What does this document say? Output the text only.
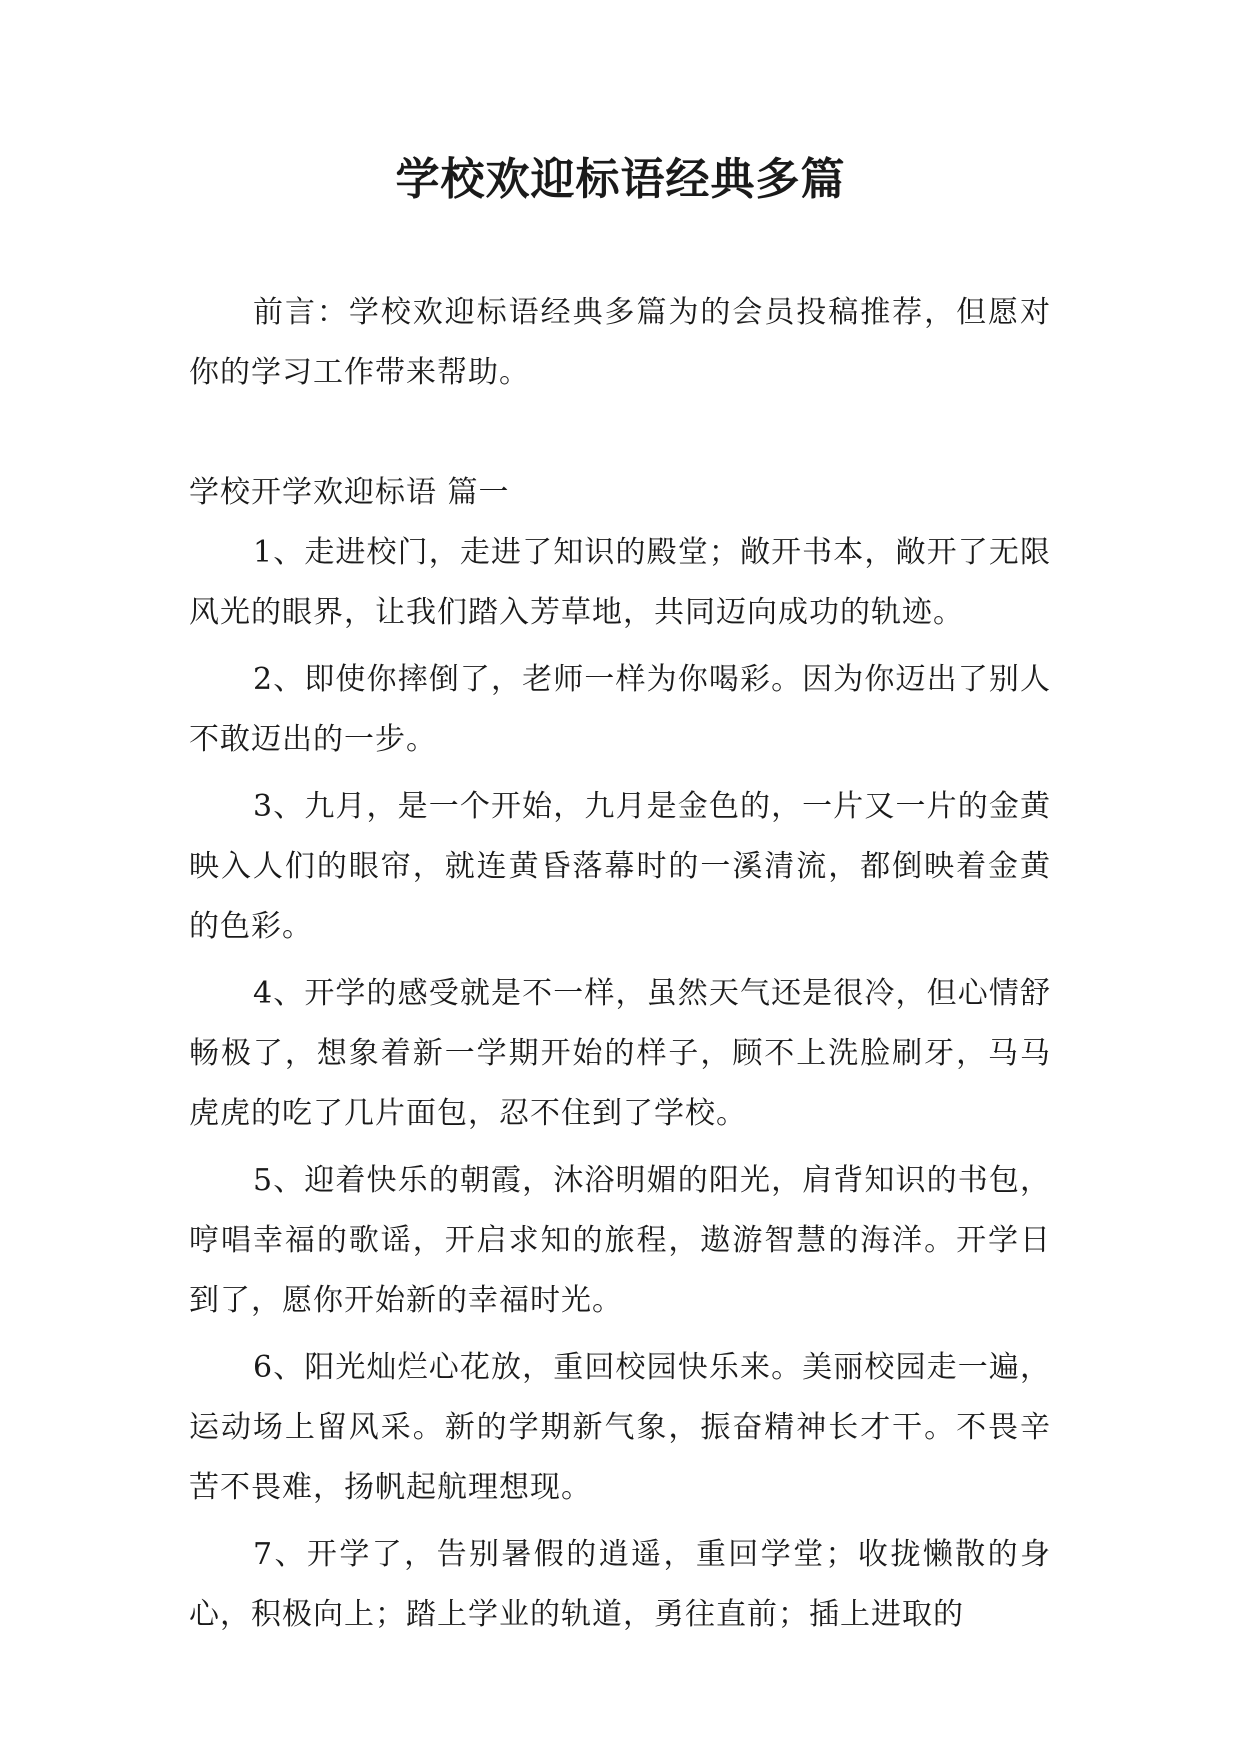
学校欢迎标语经典多篇

前言：学校欢迎标语经典多篇为的会员投稿推荐，但愿对你的学习工作带来帮助。

学校开学欢迎标语 篇一

1、走进校门，走进了知识的殿堂；敞开书本，敞开了无限风光的眼界，让我们踏入芳草地，共同迈向成功的轨迹。

2、即使你摔倒了，老师一样为你喝彩。因为你迈出了别人不敢迈出的一步。

3、九月，是一个开始，九月是金色的，一片又一片的金黄映入人们的眼帘，就连黄昏落幕时的一溪清流，都倒映着金黄的色彩。

4、开学的感受就是不一样，虽然天气还是很冷，但心情舒畅极了，想象着新一学期开始的样子，顾不上洗脸刷牙，马马虎虎的吃了几片面包，忍不住到了学校。

5、迎着快乐的朝霞，沐浴明媚的阳光，肩背知识的书包，哼唱幸福的歌谣，开启求知的旅程，遨游智慧的海洋。开学日到了，愿你开始新的幸福时光。

6、阳光灿烂心花放，重回校园快乐来。美丽校园走一遍，运动场上留风采。新的学期新气象，振奋精神长才干。不畏辛苦不畏难，扬帆起航理想现。

7、开学了，告别暑假的逍遥，重回学堂；收拢懒散的身心，积极向上；踏上学业的轨道，勇往直前；插上进取的
